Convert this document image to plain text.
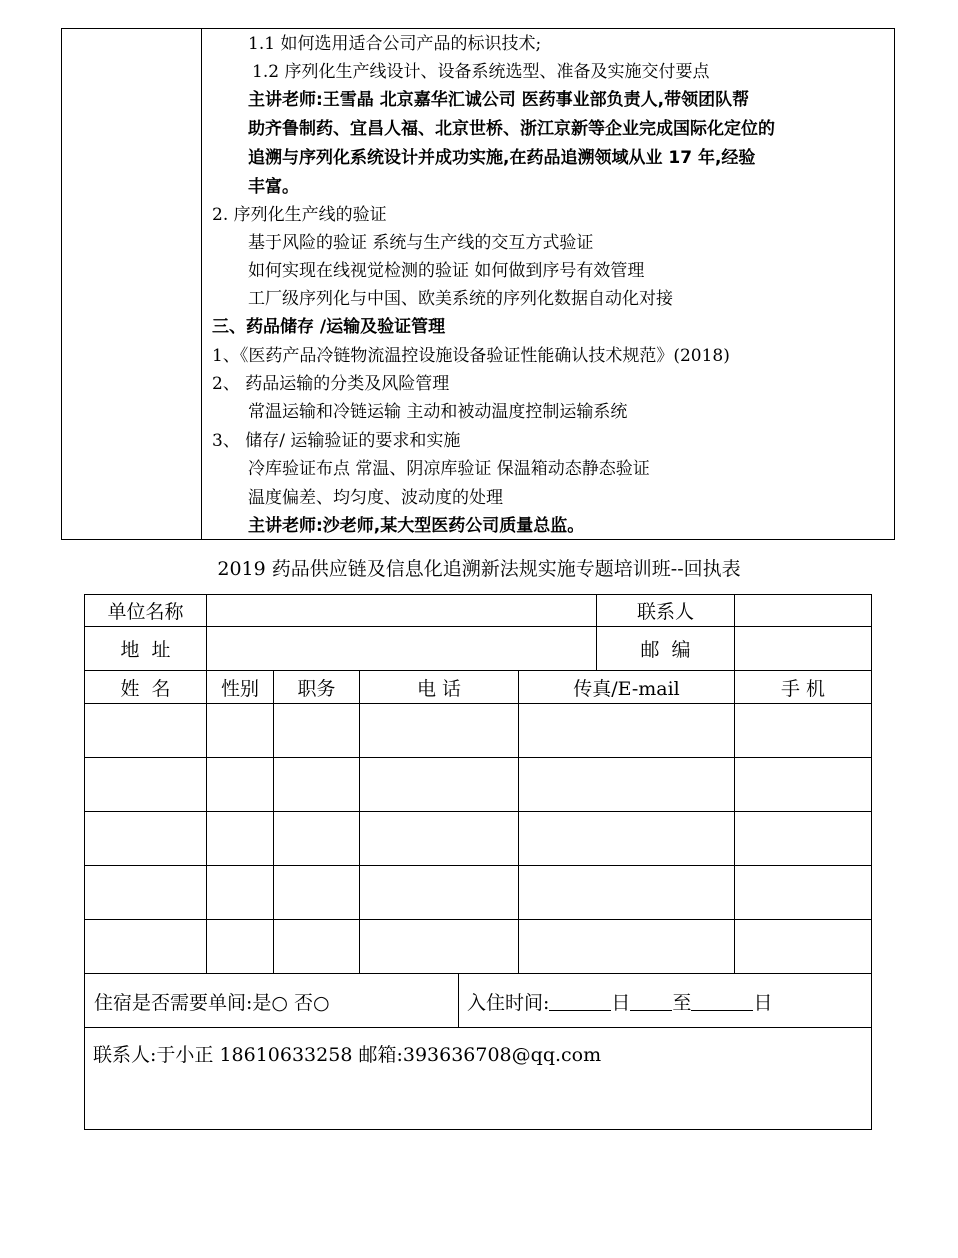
1.1 如何选用适合公司产品的标识技术;
1.2 序列化生产线设计、设备系统选型、准备及实施交付要点
主讲老师:王雪晶 北京嘉华汇诚公司 医药事业部负责人,带领团队帮
助齐鲁制药、宜昌人福、北京世桥、浙江京新等企业完成国际化定位的
追溯与序列化系统设计并成功实施,在药品追溯领域从业 17 年,经验
丰富。
2. 序列化生产线的验证
基于风险的验证 系统与生产线的交互方式验证
如何实现在线视觉检测的验证 如何做到序号有效管理
工厂级序列化与中国、欧美系统的序列化数据自动化对接
三、药品储存 /运输及验证管理
1、《医药产品冷链物流温控设施设备验证性能确认技术规范》(2018)
2、 药品运输的分类及风险管理
常温运输和冷链运输 主动和被动温度控制运输系统
3、 储存/ 运输验证的要求和实施
冷库验证布点 常温、阴凉库验证 保温箱动态静态验证
温度偏差、均匀度、波动度的处理
主讲老师:沙老师,某大型医药公司质量总监。
2019 药品供应链及信息化追溯新法规实施专题培训班--回执表
单位名称	联系人				

地  址	邮  编				

姓  名	性别	职务	电 话	传真/E-mail	手 机

住宿是否需要单间:是○ 否○ 入住时间: 日 至 日					

联系人:于小正 18610633258 邮箱:393636708@qq.com					
